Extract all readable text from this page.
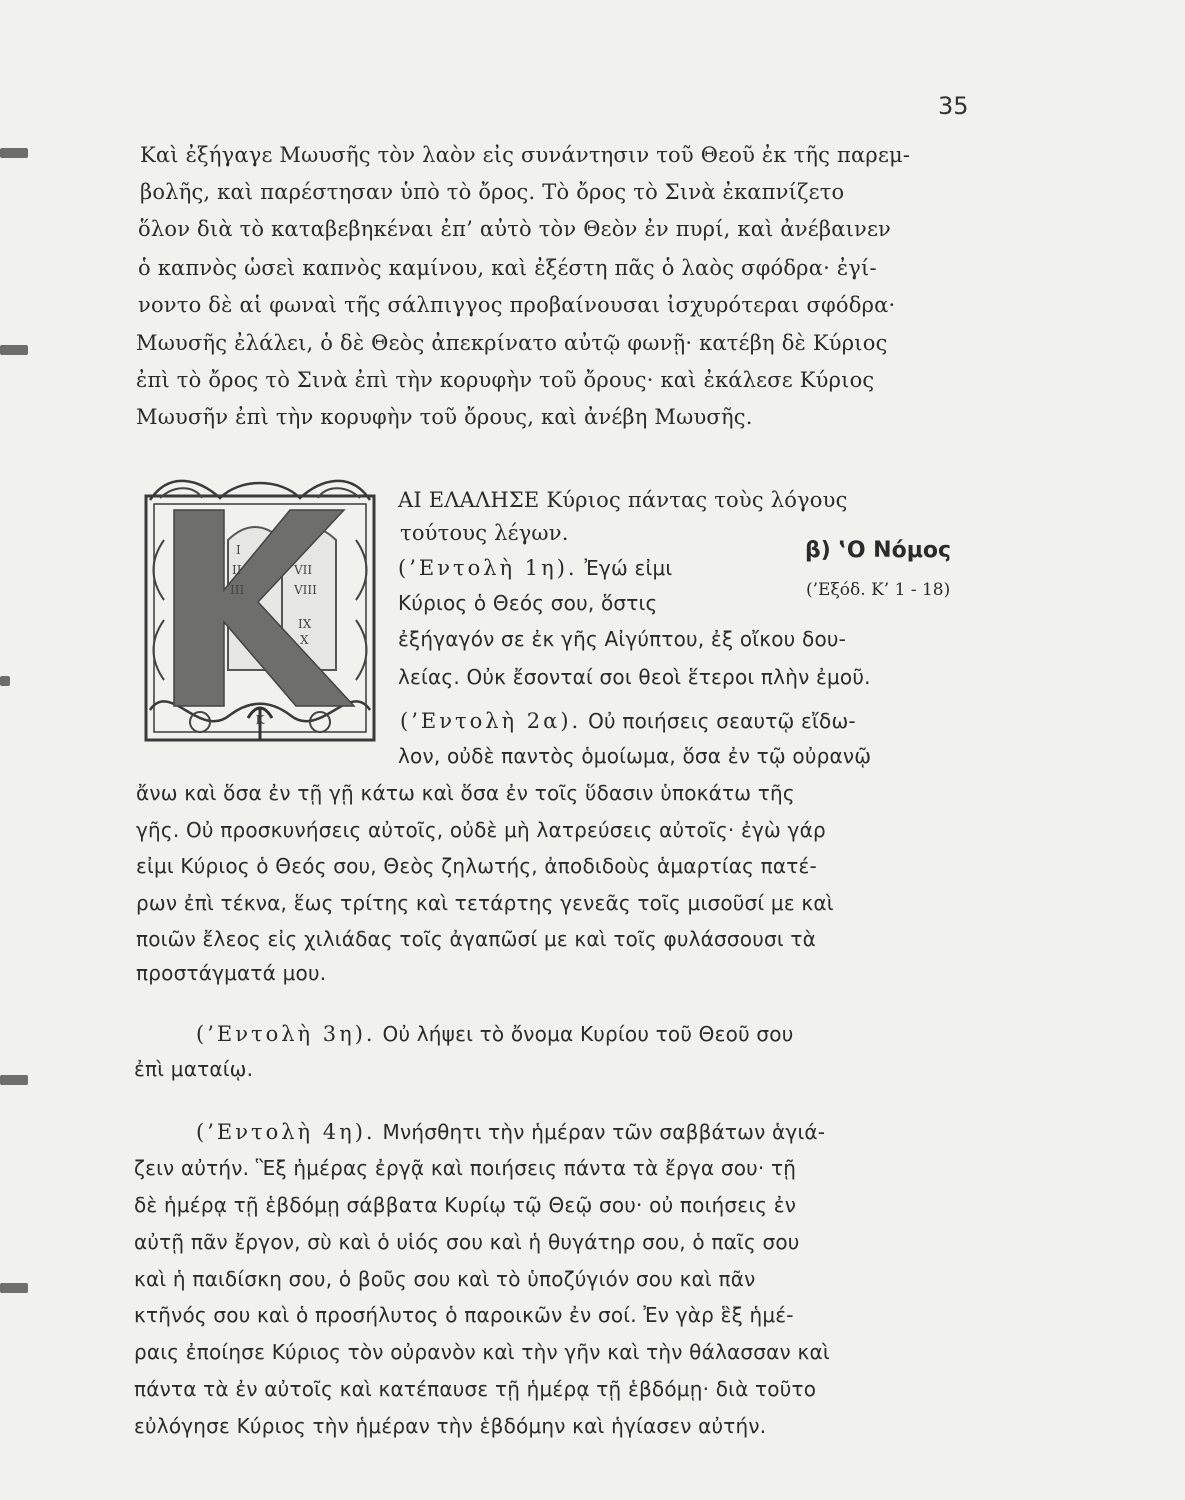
35
Καὶ ἐξήγαγε Μωυσῆς τὸν λαὸν εἰς συνάντησιν τοῦ Θεοῦ ἐκ τῆς παρεμ-
βολῆς, καὶ παρέστησαν ὑπὸ τὸ ὄρος. Τὸ ὄρος τὸ Σινὰ ἐκαπνίζετο
ὅλον διὰ τὸ καταβεβηκέναι ἐπ’ αὐτὸ τὸν Θεὸν ἐν πυρί, καὶ ἀνέβαινεν
ὁ καπνὸς ὡσεὶ καπνὸς καμίνου, καὶ ἐξέστη πᾶς ὁ λαὸς σφόδρα· ἐγί-
νοντο δὲ αἱ φωναὶ τῆς σάλπιγγος προβαίνουσαι ἰσχυρότεραι σφόδρα·
Μωυσῆς ἐλάλει, ὁ δὲ Θεὸς ἀπεκρίνατο αὐτῷ φωνῇ· κατέβη δὲ Κύριος
ἐπὶ τὸ ὄρος τὸ Σινὰ ἐπὶ τὴν κορυφὴν τοῦ ὄρους· καὶ ἐκάλεσε Κύριος
Μωυσῆν ἐπὶ τὴν κορυφὴν τοῦ ὄρους, καὶ ἀνέβη Μωυσῆς.
Κ
I
II
III
VII
VIII
IX
X
β) ‛Ο Νόμος
(’Εξόδ. Κ’ 1 - 18)
ΑΙ ΕΛΑΛΗΣΕ Κύριος πάντας τοὺς λόγους
τούτους λέγων.
(’Εντολὴ 1η). Ἐγώ εἰμι
Κύριος ὁ Θεός σου, ὅστις
ἐξήγαγόν σε ἐκ γῆς Αἰγύπτου, ἐξ οἴκου δου-
λείας. Οὐκ ἔσονταί σοι θεοὶ ἕτεροι πλὴν ἐμοῦ.
(’Εντολὴ 2α). Οὐ ποιήσεις σεαυτῷ εἴδω-
λον, οὐδὲ παντὸς ὁμοίωμα, ὅσα ἐν τῷ οὐρανῷ
ἄνω καὶ ὅσα ἐν τῇ γῇ κάτω καὶ ὅσα ἐν τοῖς ὕδασιν ὑποκάτω τῆς
γῆς. Οὐ προσκυνήσεις αὐτοῖς, οὐδὲ μὴ λατρεύσεις αὐτοῖς· ἐγὼ γάρ
εἰμι Κύριος ὁ Θεός σου, Θεὸς ζηλωτής, ἀποδιδοὺς ἁμαρτίας πατέ-
ρων ἐπὶ τέκνα, ἕως τρίτης καὶ τετάρτης γενεᾶς τοῖς μισοῦσί με καὶ
ποιῶν ἔλεος εἰς χιλιάδας τοῖς ἀγαπῶσί με καὶ τοῖς φυλάσσουσι τὰ
προστάγματά μου.
(’Εντολὴ 3η). Οὐ λήψει τὸ ὄνομα Κυρίου τοῦ Θεοῦ σου
ἐπὶ ματαίῳ.
(’Εντολὴ 4η). Μνήσθητι τὴν ἡμέραν τῶν σαββάτων ἁγιά-
ζειν αὐτήν. Ἓξ ἡμέρας ἐργᾷ καὶ ποιήσεις πάντα τὰ ἔργα σου· τῇ
δὲ ἡμέρᾳ τῇ ἑβδόμῃ σάββατα Κυρίῳ τῷ Θεῷ σου· οὐ ποιήσεις ἐν
αὐτῇ πᾶν ἔργον, σὺ καὶ ὁ υἱός σου καὶ ἡ θυγάτηρ σου, ὁ παῖς σου
καὶ ἡ παιδίσκη σου, ὁ βοῦς σου καὶ τὸ ὑποζύγιόν σου καὶ πᾶν
κτῆνός σου καὶ ὁ προσήλυτος ὁ παροικῶν ἐν σοί. Ἐν γὰρ ἓξ ἡμέ-
ραις ἐποίησε Κύριος τὸν οὐρανὸν καὶ τὴν γῆν καὶ τὴν θάλασσαν καὶ
πάντα τὰ ἐν αὐτοῖς καὶ κατέπαυσε τῇ ἡμέρᾳ τῇ ἑβδόμῃ· διὰ τοῦτο
εὐλόγησε Κύριος τὴν ἡμέραν τὴν ἑβδόμην καὶ ἡγίασεν αὐτήν.
